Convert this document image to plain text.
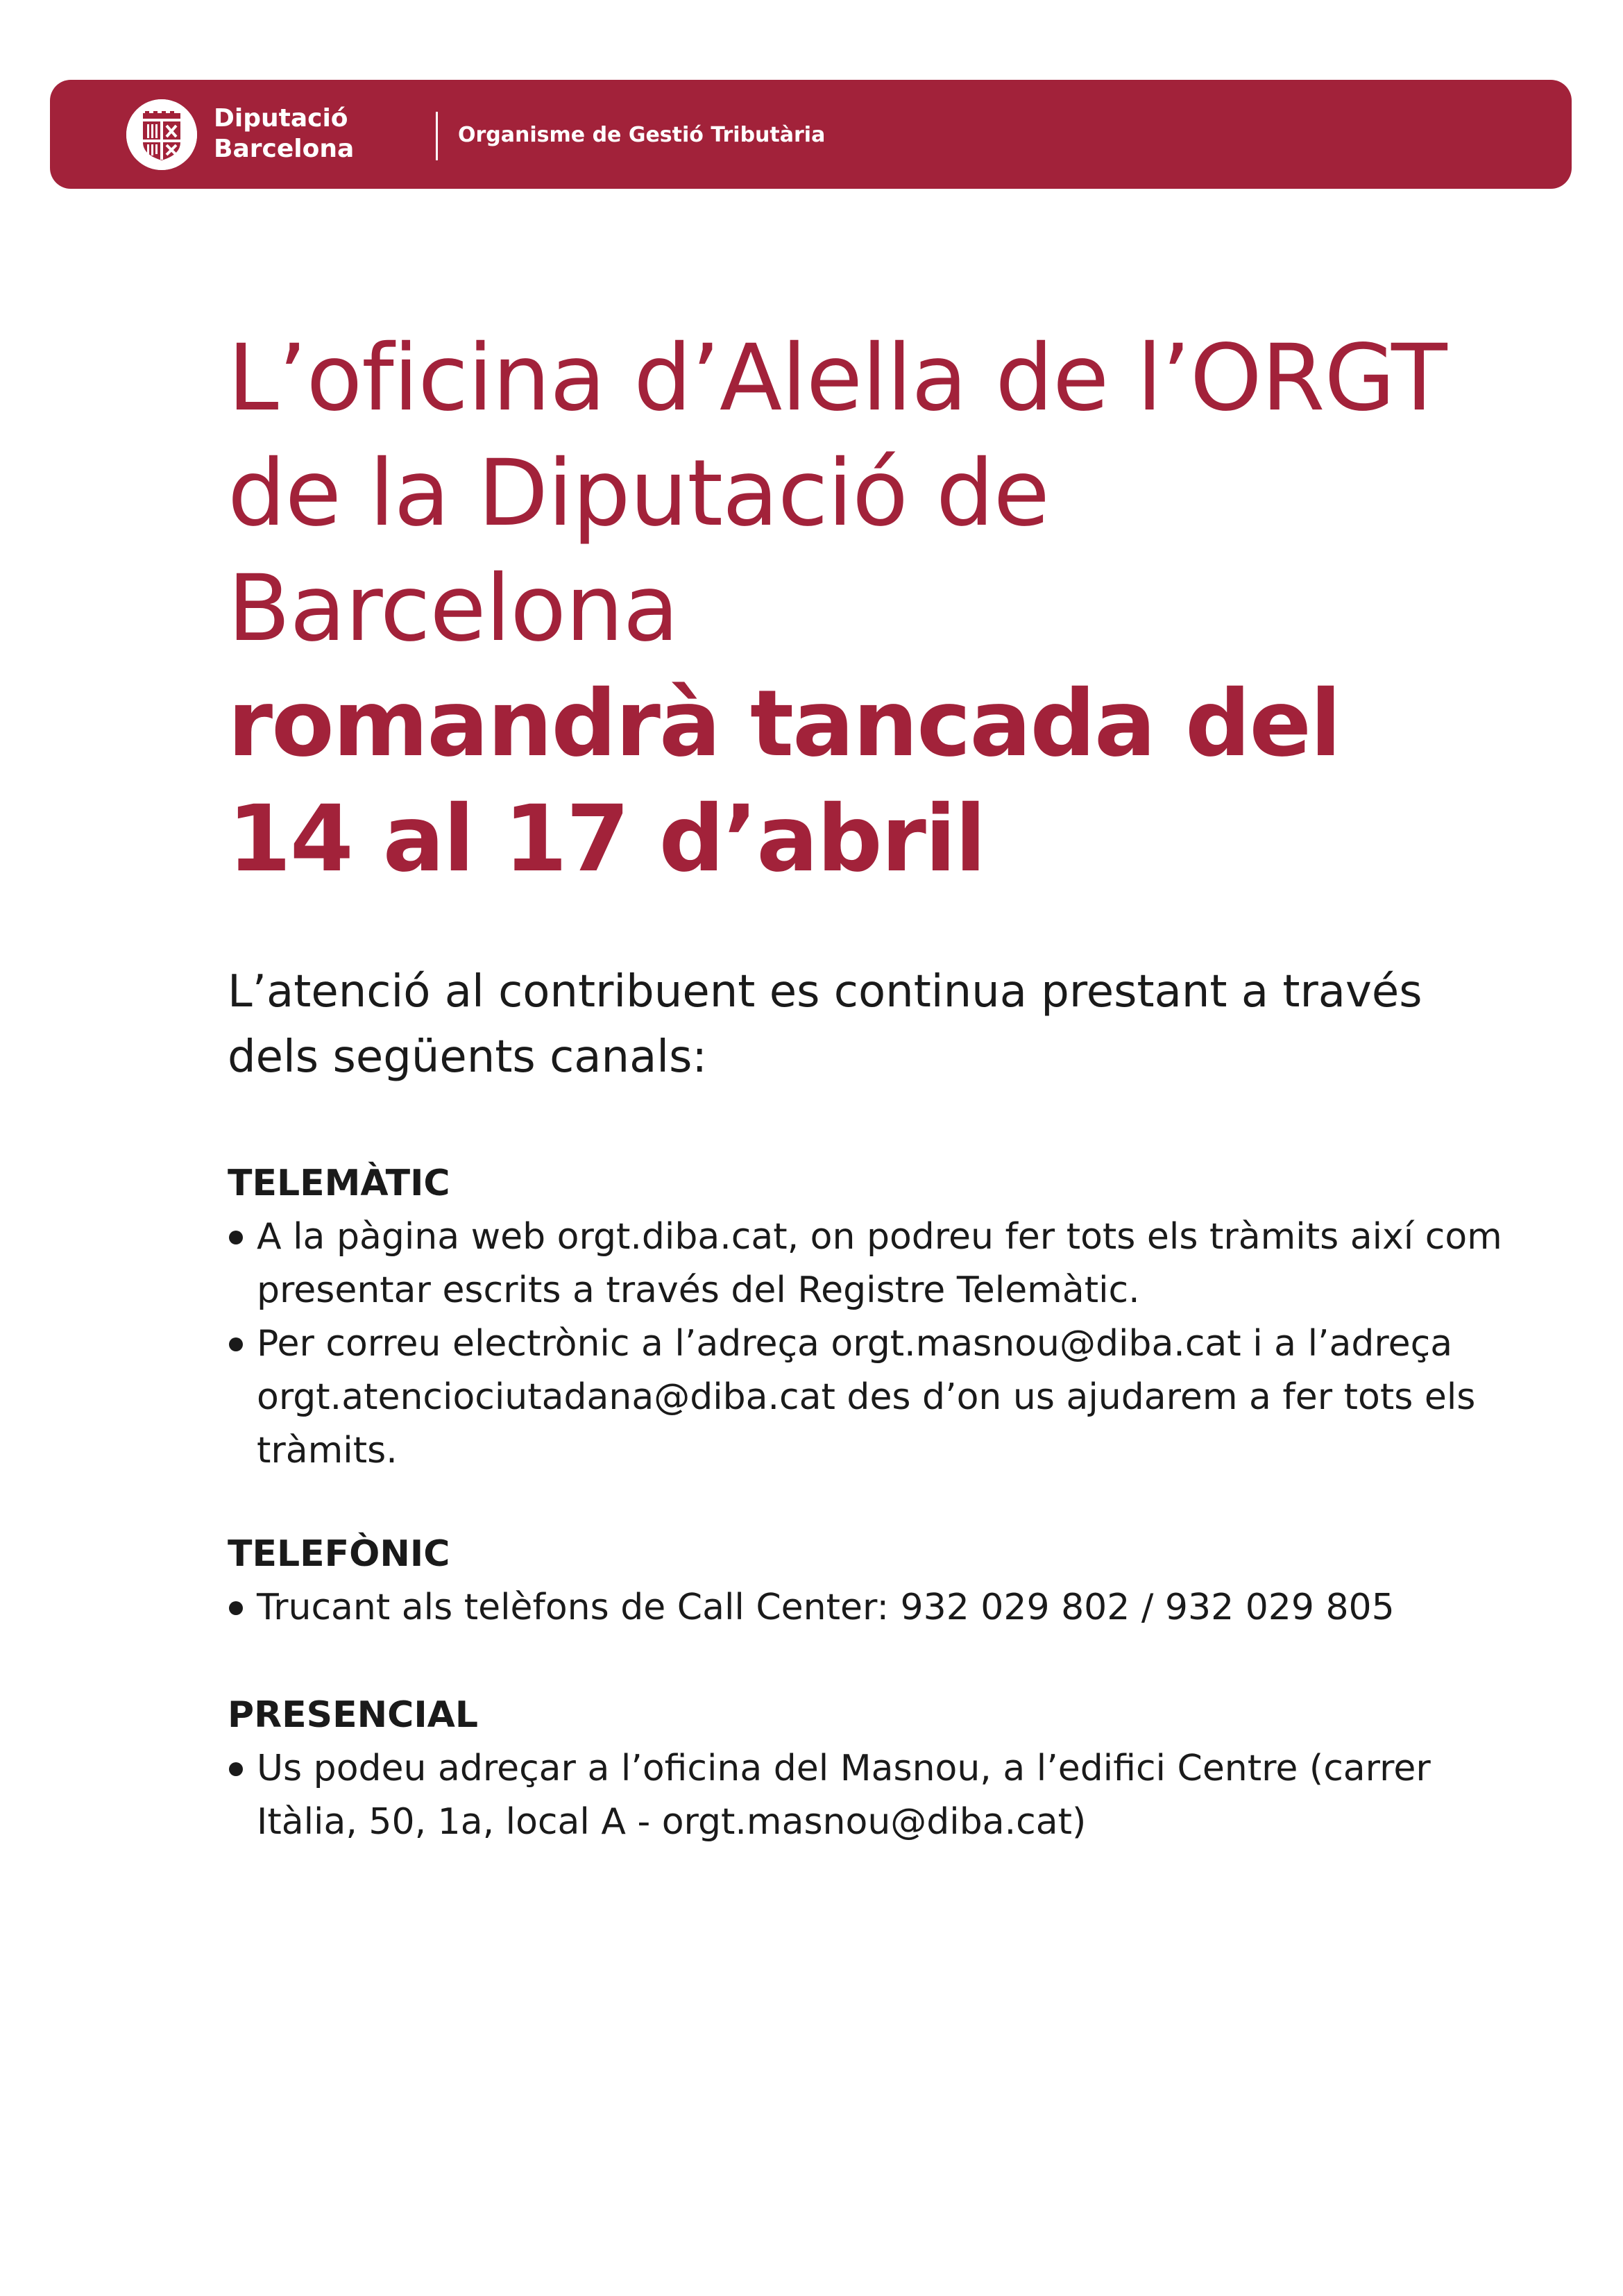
Diputació
Barcelona	Organisme de Gestió Tributària
L’oficina d’Alella de l’ORGT
de la Diputació de
Barcelona
romandrà tancada del
14 al 17 d’abril

L’atenció al contribuent es continua prestant a través dels següents canals:

TELEMÀTIC
A la pàgina web orgt.diba.cat, on podreu fer tots els tràmits així com presentar escrits a través del Registre Telemàtic.
Per correu electrònic a l’adreça orgt.masnou@diba.cat i a l’adreça orgt.atenciociutadana@diba.cat des d’on us ajudarem a fer tots els tràmits.
TELEFÒNIC
Trucant als telèfons de Call Center: 932 029 802 / 932 029 805
PRESENCIAL
Us podeu adreçar a l’oficina del Masnou, a l’edifici Centre (carrer Itàlia, 50, 1a, local A - orgt.masnou@diba.cat)
